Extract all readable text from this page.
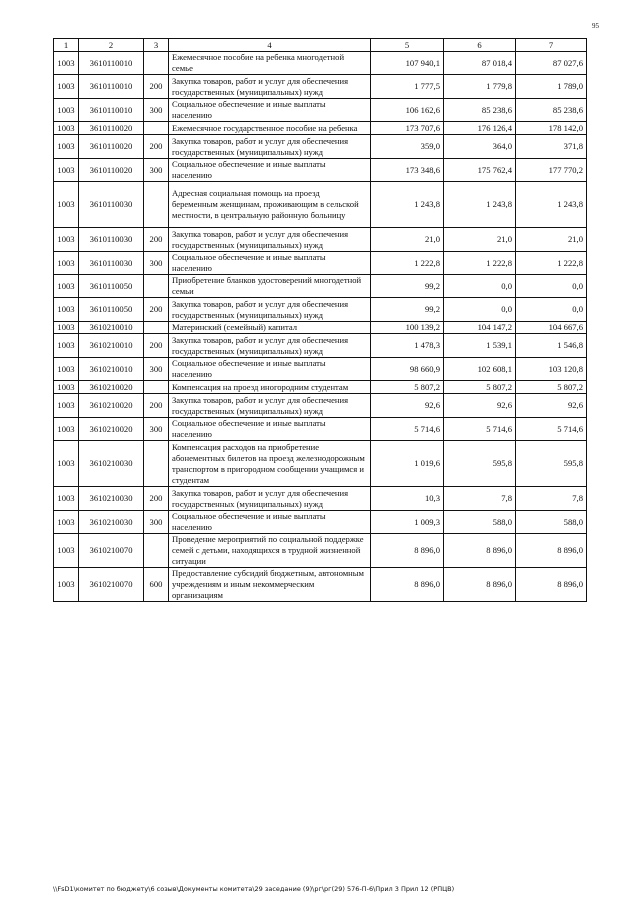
95
1	2	3	4	5	6	7
1003	3610110010		Ежемесячное пособие на ребенка многодетной семье	107 940,1	87 018,4	87 027,6
1003	3610110010	200	Закупка товаров, работ и услуг для обеспечения государственных (муниципальных) нужд	1 777,5	1 779,8	1 789,0
1003	3610110010	300	Социальное обеспечение и иные выплаты населению	106 162,6	85 238,6	85 238,6
1003	3610110020		Ежемесячное государственное пособие на ребенка	173 707,6	176 126,4	178 142,0
1003	3610110020	200	Закупка товаров, работ и услуг для обеспечения государственных (муниципальных) нужд	359,0	364,0	371,8
1003	3610110020	300	Социальное обеспечение и иные выплаты населению	173 348,6	175 762,4	177 770,2
1003	3610110030		Адресная социальная помощь на проезд беременным женщинам, проживающим в сельской местности, в центральную районную больницу	1 243,8	1 243,8	1 243,8
1003	3610110030	200	Закупка товаров, работ и услуг для обеспечения государственных (муниципальных) нужд	21,0	21,0	21,0
1003	3610110030	300	Социальное обеспечение и иные выплаты населению	1 222,8	1 222,8	1 222,8
1003	3610110050		Приобретение бланков удостоверений многодетной семьи	99,2	0,0	0,0
1003	3610110050	200	Закупка товаров, работ и услуг для обеспечения государственных (муниципальных) нужд	99,2	0,0	0,0
1003	3610210010		Материнский (семейный) капитал	100 139,2	104 147,2	104 667,6
1003	3610210010	200	Закупка товаров, работ и услуг для обеспечения государственных (муниципальных) нужд	1 478,3	1 539,1	1 546,8
1003	3610210010	300	Социальное обеспечение и иные выплаты населению	98 660,9	102 608,1	103 120,8
1003	3610210020		Компенсация на проезд иногородним студентам	5 807,2	5 807,2	5 807,2
1003	3610210020	200	Закупка товаров, работ и услуг для обеспечения государственных (муниципальных) нужд	92,6	92,6	92,6
1003	3610210020	300	Социальное обеспечение и иные выплаты населению	5 714,6	5 714,6	5 714,6
1003	3610210030		Компенсация расходов на приобретение абонементных билетов на проезд железнодорожным транспортом в пригородном сообщении учащимся и студентам	1 019,6	595,8	595,8
1003	3610210030	200	Закупка товаров, работ и услуг для обеспечения государственных (муниципальных) нужд	10,3	7,8	7,8
1003	3610210030	300	Социальное обеспечение и иные выплаты населению	1 009,3	588,0	588,0
1003	3610210070		Проведение мероприятий по социальной поддержке семей с детьми, находящихся в трудной жизненной ситуации	8 896,0	8 896,0	8 896,0
1003	3610210070	600	Предоставление субсидий бюджетным, автономным учреждениям и иным некоммерческим организациям	8 896,0	8 896,0	8 896,0
\\FsD1\комитет по бюджету\6 созыв\Документы комитета\29 заседание (9)\рг\рг(29) 576-П-6\Прил 3 Прил 12 (РПЦВ)
